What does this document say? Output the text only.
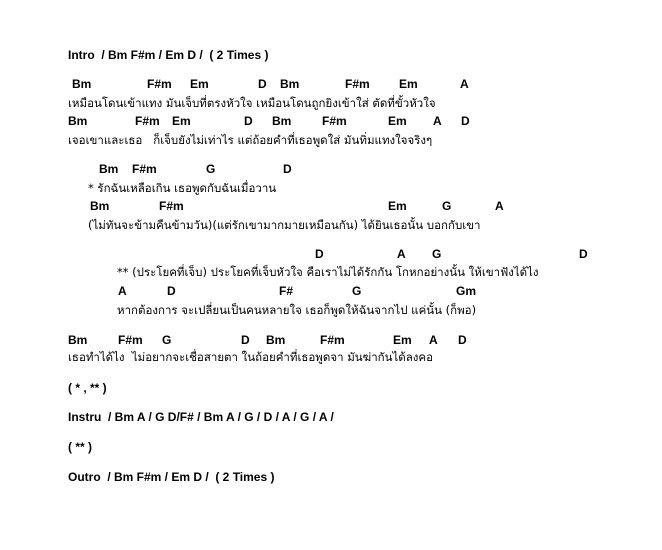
Intro  / Bm F#m / Em D /  ( 2 Times )
Bm	F#m Em	D Bm	F#m Em	A
เหมือนโดนเข้าแทง มันเจ็บที่ตรงหัวใจ เหมือนโดนถูกยิงเข้าใส่ ตัดที่ขั้วหัวใจ
Bm	F#m Em	D Bm	F#m	Em A D
เจอเขาและเธอ   ก็เจ็บยังไม่เท่าไร แต่ถ้อยคำที่เธอพูดใส่ มันทิ่มแทงใจจริงๆ
Bm F#m	G	D
* รักฉันเหลือเกิน เธอพูดกับฉันเมื่อวาน
Bm	F#m	Em	G	A
(ไม่ทันจะข้ามคืนข้ามวัน)(แต่รักเขามากมายเหมือนกัน) ได้ยินเธอนั้น บอกกับเขา
D	A G	D
** (ประโยคที่เจ็บ) ประโยคที่เจ็บหัวใจ คือเราไม่ได้รักกัน โกหกอย่างนั้น ให้เขาฟังได้ไง
A	D	F#	G	Gm
หากต้องการ จะเปลี่ยนเป็นคนหลายใจ เธอก็พูดให้ฉันจากไป แค่นั้น (ก็พอ)
Bm	F#m G	D Bm	F#m	Em A D
เธอทำได้ไง  ไม่อยากจะเชื่อสายตา ในถ้อยคำที่เธอพูดจา มันฆ่ากันได้ลงคอ
( * , ** )
Instru  / Bm A / G D/F# / Bm A / G / D / A / G / A /
( ** )
Outro  / Bm F#m / Em D /  ( 2 Times )
